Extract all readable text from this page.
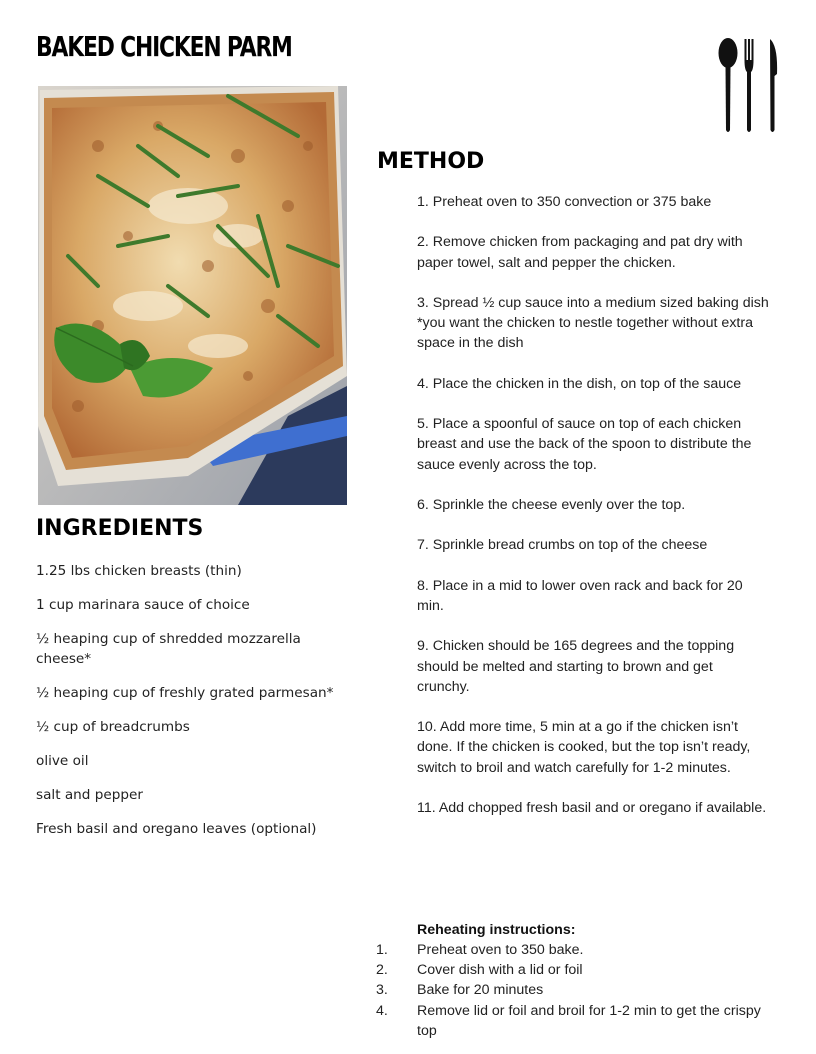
BAKED CHICKEN PARM
INGREDIENTS
1.25 lbs chicken breasts (thin)
1 cup marinara sauce of choice
½ heaping cup of shredded mozzarella cheese*
½ heaping cup of freshly grated parmesan*
½ cup of breadcrumbs
olive oil
salt and pepper
Fresh basil and oregano leaves (optional)
METHOD
1. Preheat oven to 350 convection or 375 bake
2. Remove chicken from packaging and pat dry with paper towel, salt and pepper the chicken.
3. Spread ½ cup sauce into a medium sized baking dish *you want the chicken to nestle together without extra space in the dish
4. Place the chicken in the dish, on top of the sauce
5. Place a spoonful of sauce on top of each chicken breast and use the back of the spoon to distribute the sauce evenly across the top.
6. Sprinkle the cheese evenly over the top.
7. Sprinkle bread crumbs on top of the cheese
8. Place in a mid to lower oven rack and back for 20 min.
9. Chicken should be 165 degrees and the topping should be melted and starting to brown and get crunchy.
10. Add more time, 5 min at a go if the chicken isn’t done. If the chicken is cooked, but the top isn’t ready, switch to broil and watch carefully for 1-2 minutes.
11. Add chopped fresh basil and or oregano if available.

Reheating instructions:

1.	Preheat oven to 350 bake.
2.	Cover dish with a lid or foil
3.	Bake for 20 minutes
4.	Remove lid or foil and broil for 1-2 min to get the crispy top
